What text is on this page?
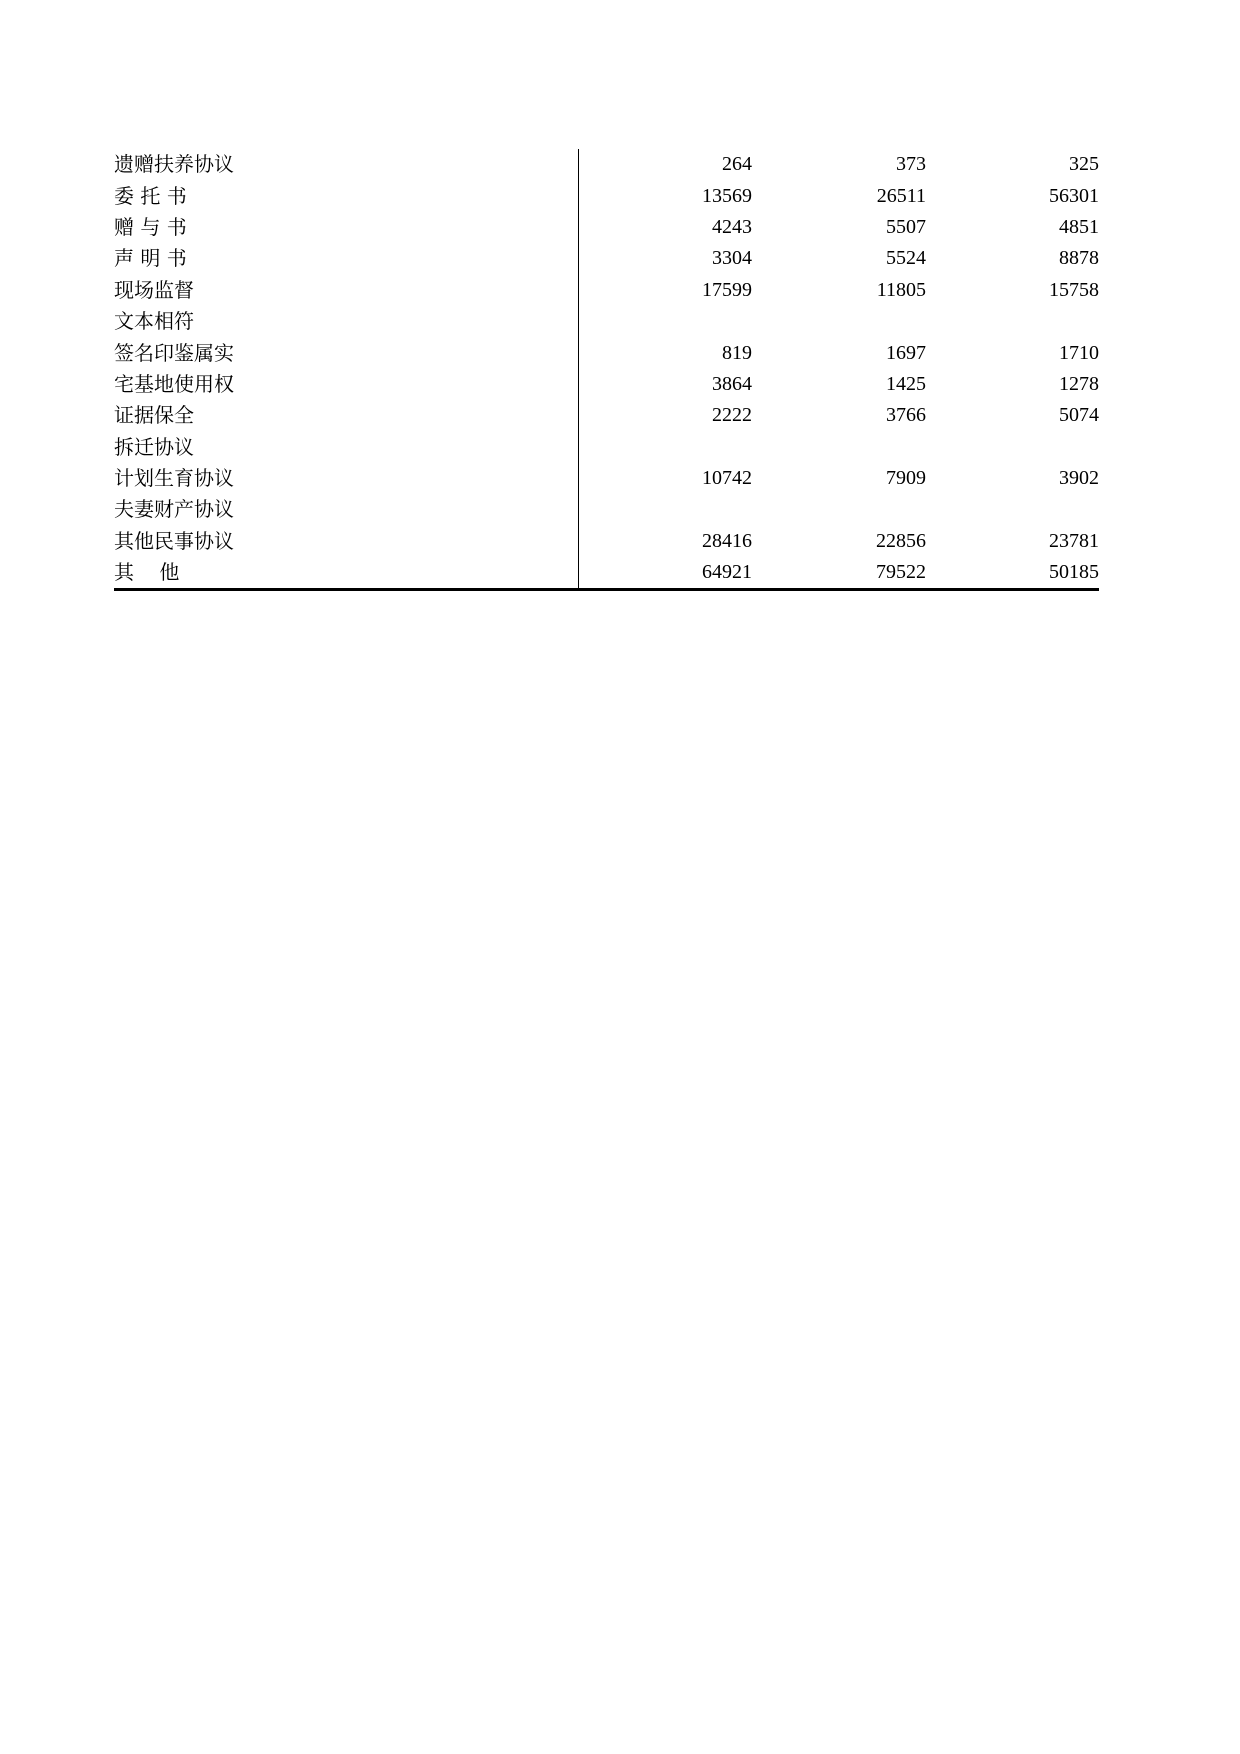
遗赠扶养协议	264	373	325
委 托 书	13569	26511	56301
赠 与 书	4243	5507	4851
声 明 书	3304	5524	8878
现场监督	17599	11805	15758
文本相符			
签名印鉴属实	819	1697	1710
宅基地使用权	3864	1425	1278
证据保全	2222	3766	5074
拆迁协议			
计划生育协议	10742	7909	3902
夫妻财产协议			
其他民事协议	28416	22856	23781
其    他	64921	79522	50185
